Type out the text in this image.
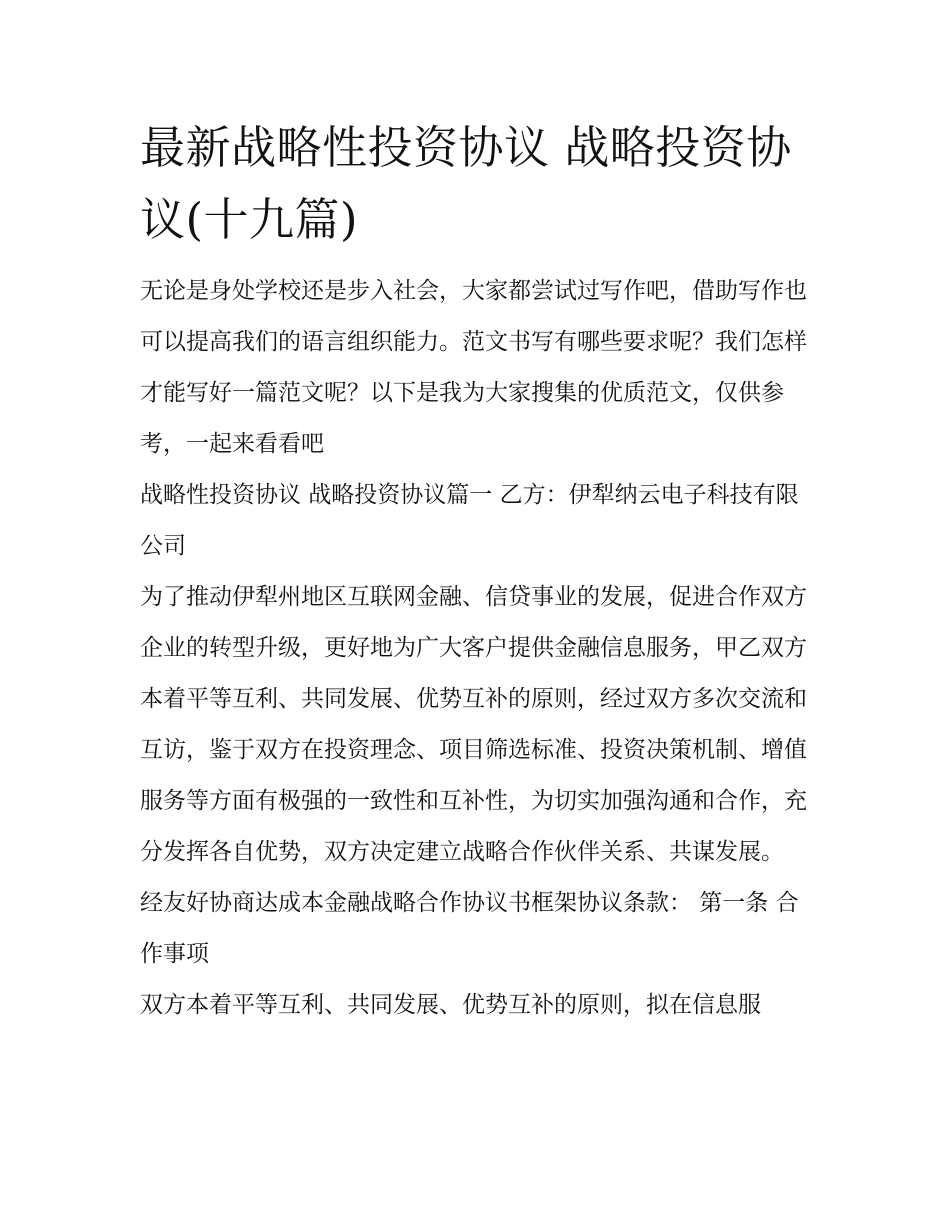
最新战略性投资协议 战略投资协议(十九篇)

无论是身处学校还是步入社会，大家都尝试过写作吧，借助写作也可以提高我们的语言组织能力。范文书写有哪些要求呢？我们怎样才能写好一篇范文呢？以下是我为大家搜集的优质范文，仅供参考，一起来看看吧

战略性投资协议 战略投资协议篇一 乙方：伊犁纳云电子科技有限公司

为了推动伊犁州地区互联网金融、信贷事业的发展，促进合作双方企业的转型升级，更好地为广大客户提供金融信息服务，甲乙双方本着平等互利、共同发展、优势互补的原则，经过双方多次交流和互访，鉴于双方在投资理念、项目筛选标准、投资决策机制、增值服务等方面有极强的一致性和互补性，为切实加强沟通和合作，充分发挥各自优势，双方决定建立战略合作伙伴关系、共谋发展。

经友好协商达成本金融战略合作协议书框架协议条款： 第一条 合作事项

双方本着平等互利、共同发展、优势互补的原则，拟在信息服
